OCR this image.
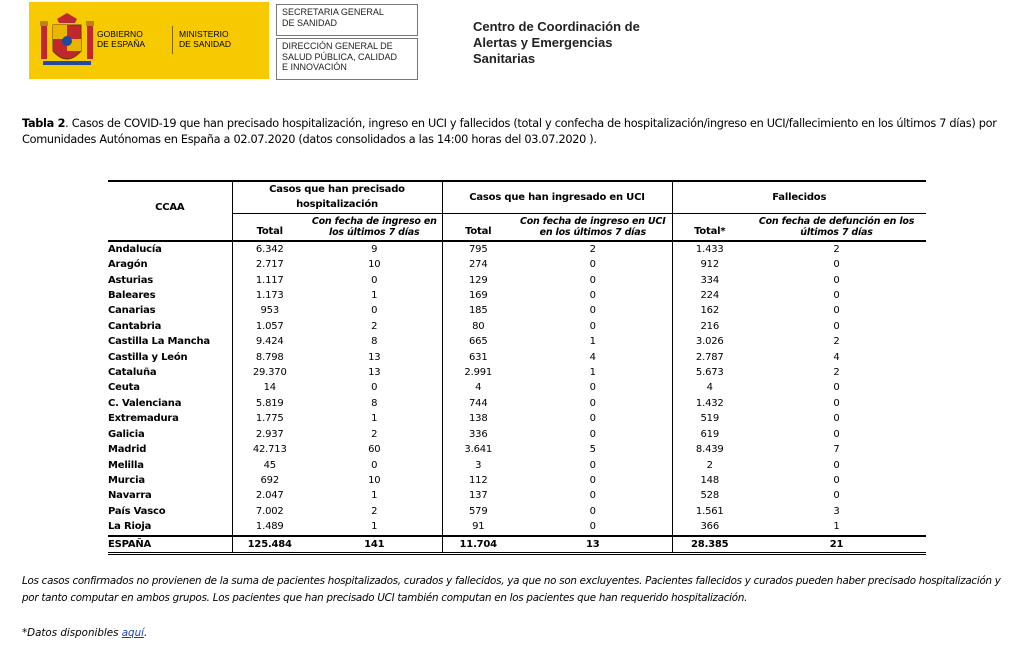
GOBIERNO
DE ESPAÑA
MINISTERIO
DE SANIDAD
SECRETARIA GENERAL
DE SANIDAD
DIRECCIÓN GENERAL DE
SALUD PÚBLICA, CALIDAD
E INNOVACIÓN
Centro de Coordinación de
Alertas y Emergencias
Sanitarias
Tabla 2. Casos de COVID-19 que han precisado hospitalización, ingreso en UCI y fallecidos (total y confecha de hospitalización/ingreso en UCI/fallecimiento en los últimos 7 días) por Comunidades Autónomas en España a 02.07.2020 (datos consolidados a las 14:00 horas del 03.07.2020 ).
CCAA	Casos que han precisado hospitalización		Casos que han ingresado en UCI		Fallecidos	
	Total	Con fecha de ingreso en los últimos 7 días	Total	Con fecha de ingreso en UCI en los últimos 7 días	Total*	Con fecha de defunción en los últimos 7 días
Andalucía	6.342	9	795	2	1.433	2
Aragón	2.717	10	274	0	912	0
Asturias	1.117	0	129	0	334	0
Baleares	1.173	1	169	0	224	0
Canarias	953	0	185	0	162	0
Cantabria	1.057	2	80	0	216	0
Castilla La Mancha	9.424	8	665	1	3.026	2
Castilla y León	8.798	13	631	4	2.787	4
Cataluña	29.370	13	2.991	1	5.673	2
Ceuta	14	0	4	0	4	0
C. Valenciana	5.819	8	744	0	1.432	0
Extremadura	1.775	1	138	0	519	0
Galicia	2.937	2	336	0	619	0
Madrid	42.713	60	3.641	5	8.439	7
Melilla	45	0	3	0	2	0
Murcia	692	10	112	0	148	0
Navarra	2.047	1	137	0	528	0
País Vasco	7.002	2	579	0	1.561	3
La Rioja	1.489	1	91	0	366	1
ESPAÑA	125.484	141	11.704	13	28.385	21
Los casos confirmados no provienen de la suma de pacientes hospitalizados, curados y fallecidos, ya que no son excluyentes. Pacientes fallecidos y curados pueden haber precisado hospitalización y por tanto computar en ambos grupos. Los pacientes que han precisado UCI también computan en los pacientes que han requerido hospitalización.
*Datos disponibles aquí.
